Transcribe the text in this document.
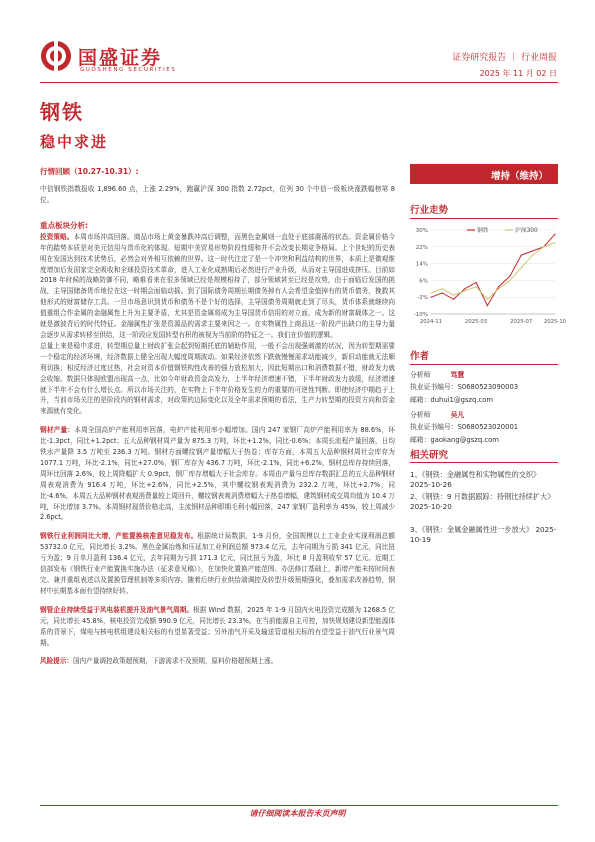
国盛证券
GUOSHENG SECURITIES
证券研究报告 ｜ 行业周报
2025 年 11 月 02 日
钢铁
稳中求进
增持（维持）
行情回顾（10.27-10.31）:
中信钢铁指数报收 1,896.60 点，上涨 2.29%，跑赢沪深 300 指数 2.72pct，位列 30 个中信一级板块涨跌幅榜第 8 位。
重点板块分析:
投资策略。本周市场冲高回落。商品市场上黄金暴跌冲高后调整，而黑色金属则一直处于底部震荡的状态。资金属价格今年的踏势本质是对美元信用与货币化的体现。短期中美贸易形势阶段性缓和并不会改变长期竞争格局。上个世纪的历史表明在发国达到技术优势后，必然会对外相互依赖的世界。这一时代注定了是一个冲突和利益结构的世界，本质上是微观维度增加后发国家完全吸收和全球投资技术革命，进入工业化成熟期后必然进行产业升级，从而对主导国进成挤压。目前如 2018 年时候的战略防御不同，略难看来在很多领域已经是规模相持了，部分领域甚至已经是攻势，由于面临后发国的挑战，主导国储备货币地位在这一时期会面临动摇。到了国际债务周期长期债务掉有人会希望金值掉有的货币债务，挽救其他形式的财富储存工具。一旦市场意识到货币和债务不是个好的选择，主导国债务周期就走到了尽头，货币体系就继续向值重组合作金属的金融属性上升为主要矛盾，尤其是资金属将成为主导国货币信用的对立面，成为新的财富载体之一。这就是激波背后的时代特征。金融属性扩张是资源品的需求主要来因之一。在实物属性上商品这一阶段产出缺口的主导力量会逐步从需求转移至供给，这一阶段应发国转型有积的被视为当前阶的特征之一。我们在价值的逻辑。
总量上来是稳中求进，转型期总量上财政扩张会起到短期托底的辅助作用，一般不会出现强刺激的状况，因为转型期需要一个稳定的经济环境，经济数据上健全出现大幅度周期波动。如果经济依然下跌就慢慢需求动能减少，新旧动能就无法顺利切换；相反经济过度过热，社会对资本价值钢铁构性改善的强力放松加大，因此短期出口和消费数据不错，财政发力就会收缩。数据只体现欧盟出现高一点，比如今年财政资金高发力，上半年经济增速不错，下半年财政发力放缓，经济增速就下半年不会有什么增长点。所以市场关注的，在实物上下半年价格发生的力的重要的可逆性判断。即使经济中期趋于上升，当前市场关注的是阶段内的钢材需求，对政策的边际变化以及全年需求预期的看法，生产力转型期的投资方向和资金来源就有变化。
钢材产量：本周全国高炉产能利用率回落，电炉产能利用率小幅增加。国内 247 家钢厂高炉产能利用率为 88.6%，环比-1.3pct，同比+1.2pct；五大品种钢材周产量为 875.3 万吨，环比+1.2%，同比-0.6%；本周长流程产量回落，日均铁水产量降 3.5 万吨至 236.3 万吨。钢材方面螺纹钢产量增幅大于热卷；库存方面，本周五大品种钢材周社会库存为 1077.1 万吨，环比-2.1%，同比+27.0%，钢厂库存为 436.7 万吨，环比-2.1%，同比+6.2%，钢材总库存持续回落，周环比回落 2.6%，较上周降幅扩大 0.9pct，钢厂库存增幅大于社会库存。本周由产量与总库存数据汇总的五大品种钢材周表观消费为 916.4 万吨，环比+2.6%，同比+2.5%，其中螺纹钢表观消费为 232.2 万吨，环比+2.7%，同比-4.6%，本周五大品种钢材表观消费量较上周回升，螺纹钢表观消费增幅大于热卷增幅，建筑钢材成交周均值为 10.4 万吨，环比增加 3.7%。本周钢材现货价格走高，主流钢材品种即期毛利小幅回落，247 家钢厂盈利率为 45%，较上周减少 2.6pct。
钢铁行业利润同比大增，产能置换核准意见稳发布。根据统计局数据，1-9 月份，全国规模以上工业企业实现利润总额 53732.0 亿元，同比增长 3.2%。黑色金属冶炼和压延加工业利润总额 973.4 亿元，去年同期为亏损 341 亿元，同比扭亏为盈；9 月单月盈利 136.4 亿元，去年同期为亏损 171.3 亿元，同比扭亏为盈，环比 8 月盈利收窄 57 亿元。近期工信部发布《钢铁行业产能置换实施办法（征求意见稿）》，在加快化置换产能范围、办法修订基础上，新增产能未按时间表完、兼并重组表述以及置换管理机制等多项内容。随着后续行业供给端调控及转型升级预期强化，叠加需求改善趋势，钢材中长期基本面有望持续好转。
钢管企业持续受益于风电装机提升及油气景气周期。根据 Wind 数据，2025 年 1-9 月国内火电投资完成额为 1268.5 亿元，同比增长 45.8%，核电投资完成额 990.9 亿元，同比增长 23.3%。在当前能源自主可控，加快规划建设新型能源体系的背景下，煤电与核电机组建设相关标的有望显著受益；另外油气开采及输送管道相关标的有望受益于油气行业景气周期。
风险提示：国内产量调控政策超预期，下游需求不及预期，原料价格超预期上涨。
行业走势
30%
22%
14%
6%
-2%
-10%
2024-11	2025-03	2025-07 2025-10
钢铁	沪深300
作者
分析师	笃慧
执业证书编号：S0680523090003
邮箱：duhui1@gszq.com
分析师	吴凡
执业证书编号：S0680523020001
邮箱：gaokang@gszq.com
相关研究
1、《钢铁：金融属性和实物属性的交织》 2025-10-26
2、《钢铁：9 月数据跟踪：持钢比持续扩大》 2025-10-20
3、《钢铁：金属金融属性进一步放大》 2025-10-19
请仔细阅读本报告末页声明
